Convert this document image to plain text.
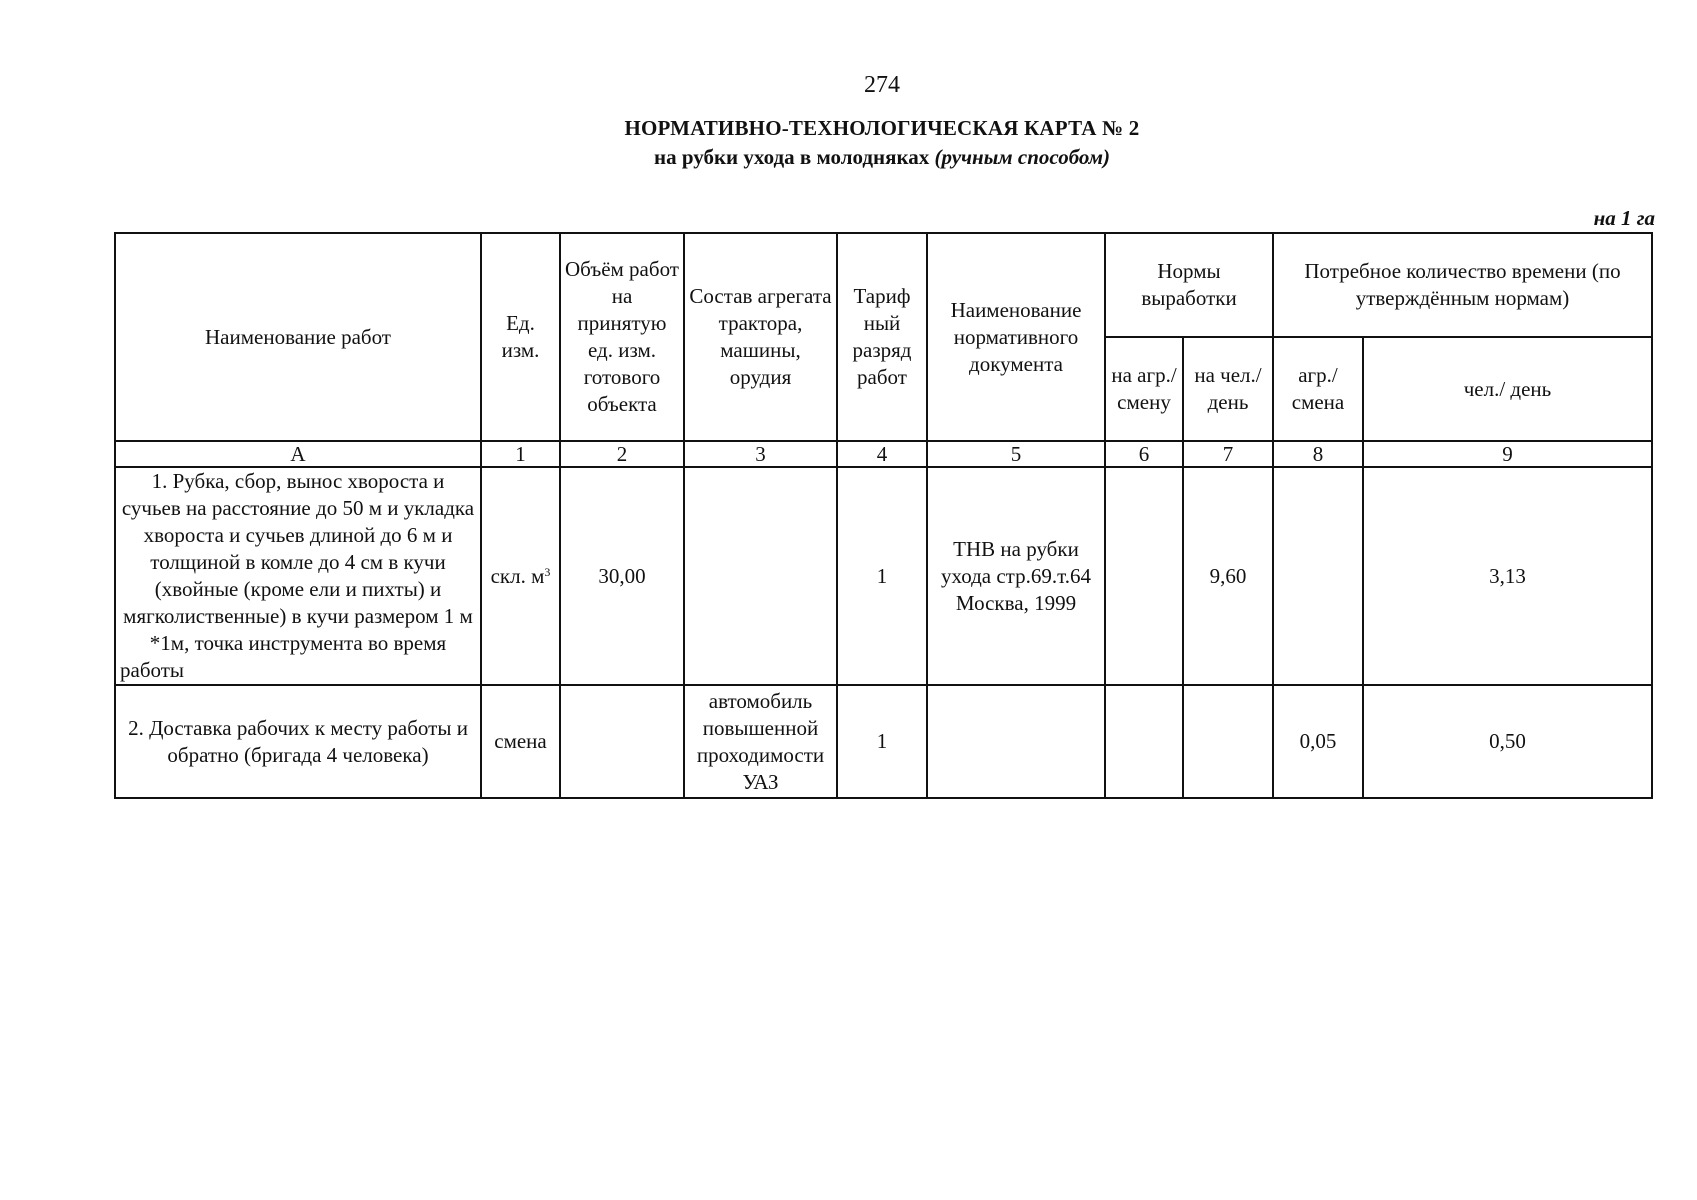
274
НОРМАТИВНО-ТЕХНОЛОГИЧЕСКАЯ КАРТА № 2
на рубки ухода в молодняках (ручным способом)
на 1 га
Наименование работ	Ед. изм.	Объём работ на принятую ед. изм. готового объекта	Состав агрегата трактора, машины, орудия	Тариф ный разряд работ	Наименование нормативного документа	Нормы выработки		Потребное количество времени (по утверждённым нормам)	
						на агр./ смену	на чел./ день	агр./ смена	чел./ день
А	1	2	3	4	5	6	7	8	9
1. Рубка, сбор, вынос хвороста и сучьев на расстояние до 50 м и укладка хвороста и сучьев длиной до 6 м и толщиной в комле до 4 см в кучи (хвойные (кроме ели и пихты) и мягколиственные) в кучи размером 1 м *1м, точка инструмента во время работы	скл. $м^3$	30,00		1	ТНВ на рубки ухода стр.69.т.64 Москва, 1999		9,60		3,13
2. Доставка рабочих к месту работы и обратно (бригада 4 человека)	смена		автомобиль повышенной проходимости УАЗ	1				0,05	0,50
